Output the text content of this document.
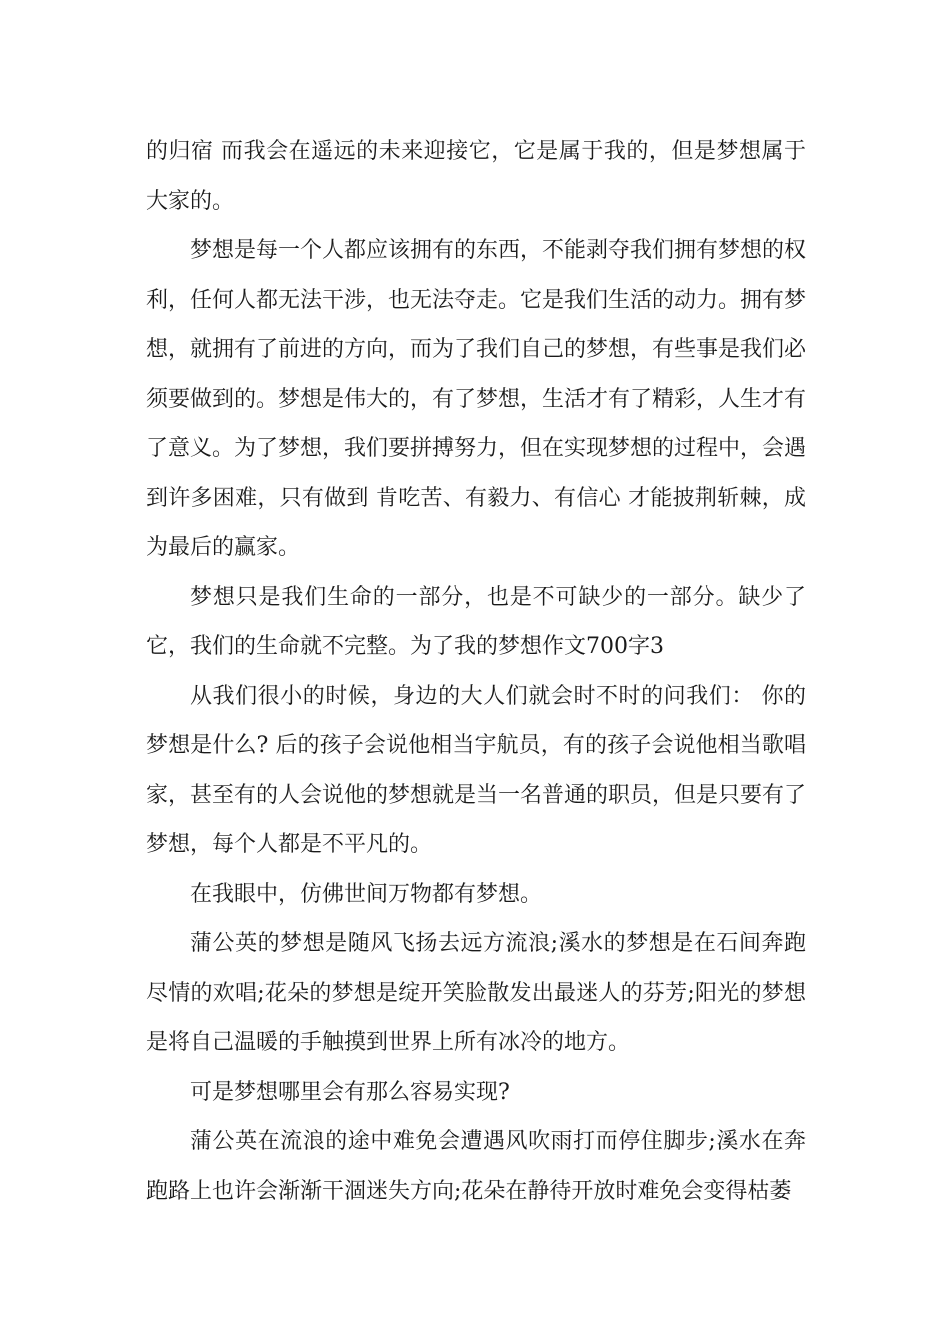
的归宿 而我会在遥远的未来迎接它，它是属于我的，但是梦想属于大家的。

梦想是每一个人都应该拥有的东西，不能剥夺我们拥有梦想的权利，任何人都无法干涉，也无法夺走。它是我们生活的动力。拥有梦想，就拥有了前进的方向，而为了我们自己的梦想，有些事是我们必须要做到的。梦想是伟大的，有了梦想，生活才有了精彩，人生才有了意义。为了梦想，我们要拼搏努力，但在实现梦想的过程中，会遇到许多困难，只有做到 肯吃苦、有毅力、有信心 才能披荆斩棘，成为最后的赢家。

梦想只是我们生命的一部分，也是不可缺少的一部分。缺少了它，我们的生命就不完整。为了我的梦想作文700字3

从我们很小的时候，身边的大人们就会时不时的问我们： 你的梦想是什么? 后的孩子会说他相当宇航员，有的孩子会说他相当歌唱家，甚至有的人会说他的梦想就是当一名普通的职员，但是只要有了梦想，每个人都是不平凡的。

在我眼中，仿佛世间万物都有梦想。

蒲公英的梦想是随风飞扬去远方流浪;溪水的梦想是在石间奔跑尽情的欢唱;花朵的梦想是绽开笑脸散发出最迷人的芬芳;阳光的梦想是将自己温暖的手触摸到世界上所有冰冷的地方。

可是梦想哪里会有那么容易实现?

蒲公英在流浪的途中难免会遭遇风吹雨打而停住脚步;溪水在奔跑路上也许会渐渐干涸迷失方向;花朵在静待开放时难免会变得枯萎
